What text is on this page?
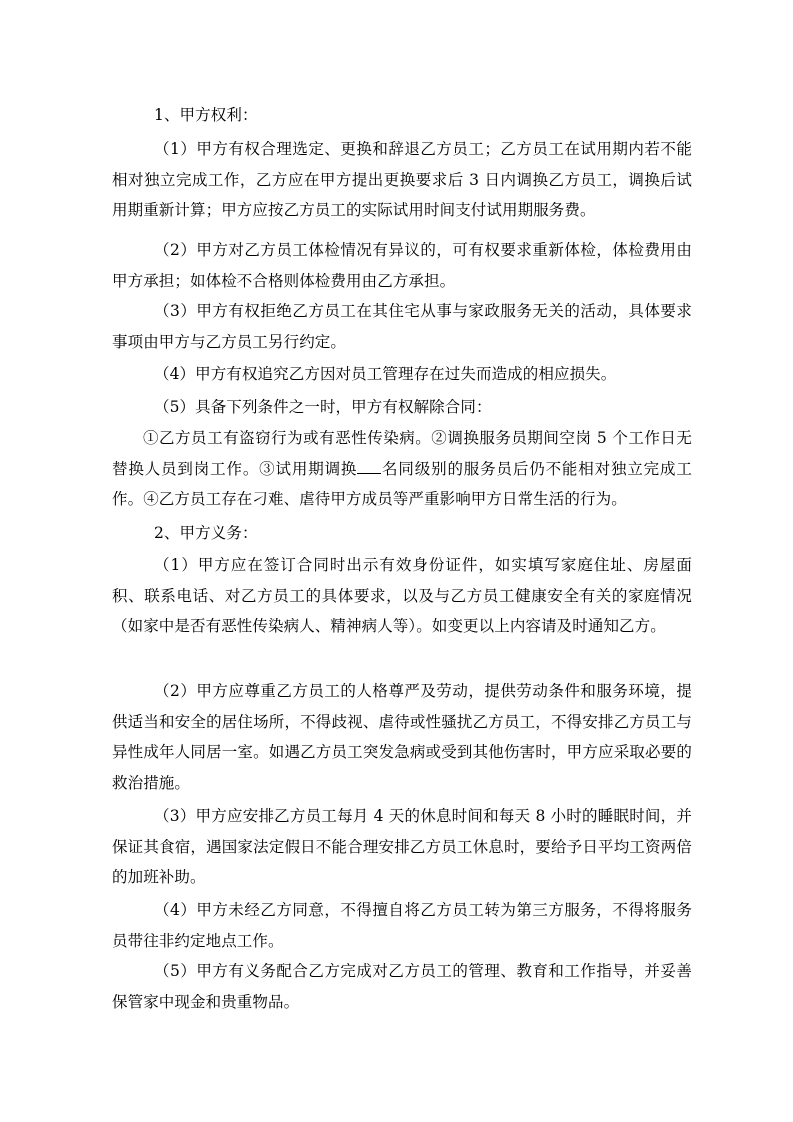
1、甲方权利：

（1）甲方有权合理选定、更换和辞退乙方员工；乙方员工在试用期内若不能相对独立完成工作，乙方应在甲方提出更换要求后 3 日内调换乙方员工，调换后试用期重新计算；甲方应按乙方员工的实际试用时间支付试用期服务费。

（2）甲方对乙方员工体检情况有异议的，可有权要求重新体检，体检费用由甲方承担；如体检不合格则体检费用由乙方承担。

（3）甲方有权拒绝乙方员工在其住宅从事与家政服务无关的活动，具体要求事项由甲方与乙方员工另行约定。

（4）甲方有权追究乙方因对员工管理存在过失而造成的相应损失。

（5）具备下列条件之一时，甲方有权解除合同：

①乙方员工有盗窃行为或有恶性传染病。②调换服务员期间空岗 5 个工作日无替换人员到岗工作。③试用期调换 名同级别的服务员后仍不能相对独立完成工作。④乙方员工存在刁难、虐待甲方成员等严重影响甲方日常生活的行为。

2、甲方义务：

（1）甲方应在签订合同时出示有效身份证件，如实填写家庭住址、房屋面积、联系电话、对乙方员工的具体要求，以及与乙方员工健康安全有关的家庭情况（如家中是否有恶性传染病人、精神病人等）。如变更以上内容请及时通知乙方。

（2）甲方应尊重乙方员工的人格尊严及劳动，提供劳动条件和服务环境，提供适当和安全的居住场所，不得歧视、虐待或性骚扰乙方员工，不得安排乙方员工与异性成年人同居一室。如遇乙方员工突发急病或受到其他伤害时，甲方应采取必要的救治措施。

（3）甲方应安排乙方员工每月 4 天的休息时间和每天 8 小时的睡眠时间，并保证其食宿，遇国家法定假日不能合理安排乙方员工休息时，要给予日平均工资两倍的加班补助。

（4）甲方未经乙方同意，不得擅自将乙方员工转为第三方服务，不得将服务员带往非约定地点工作。

（5）甲方有义务配合乙方完成对乙方员工的管理、教育和工作指导，并妥善保管家中现金和贵重物品。
